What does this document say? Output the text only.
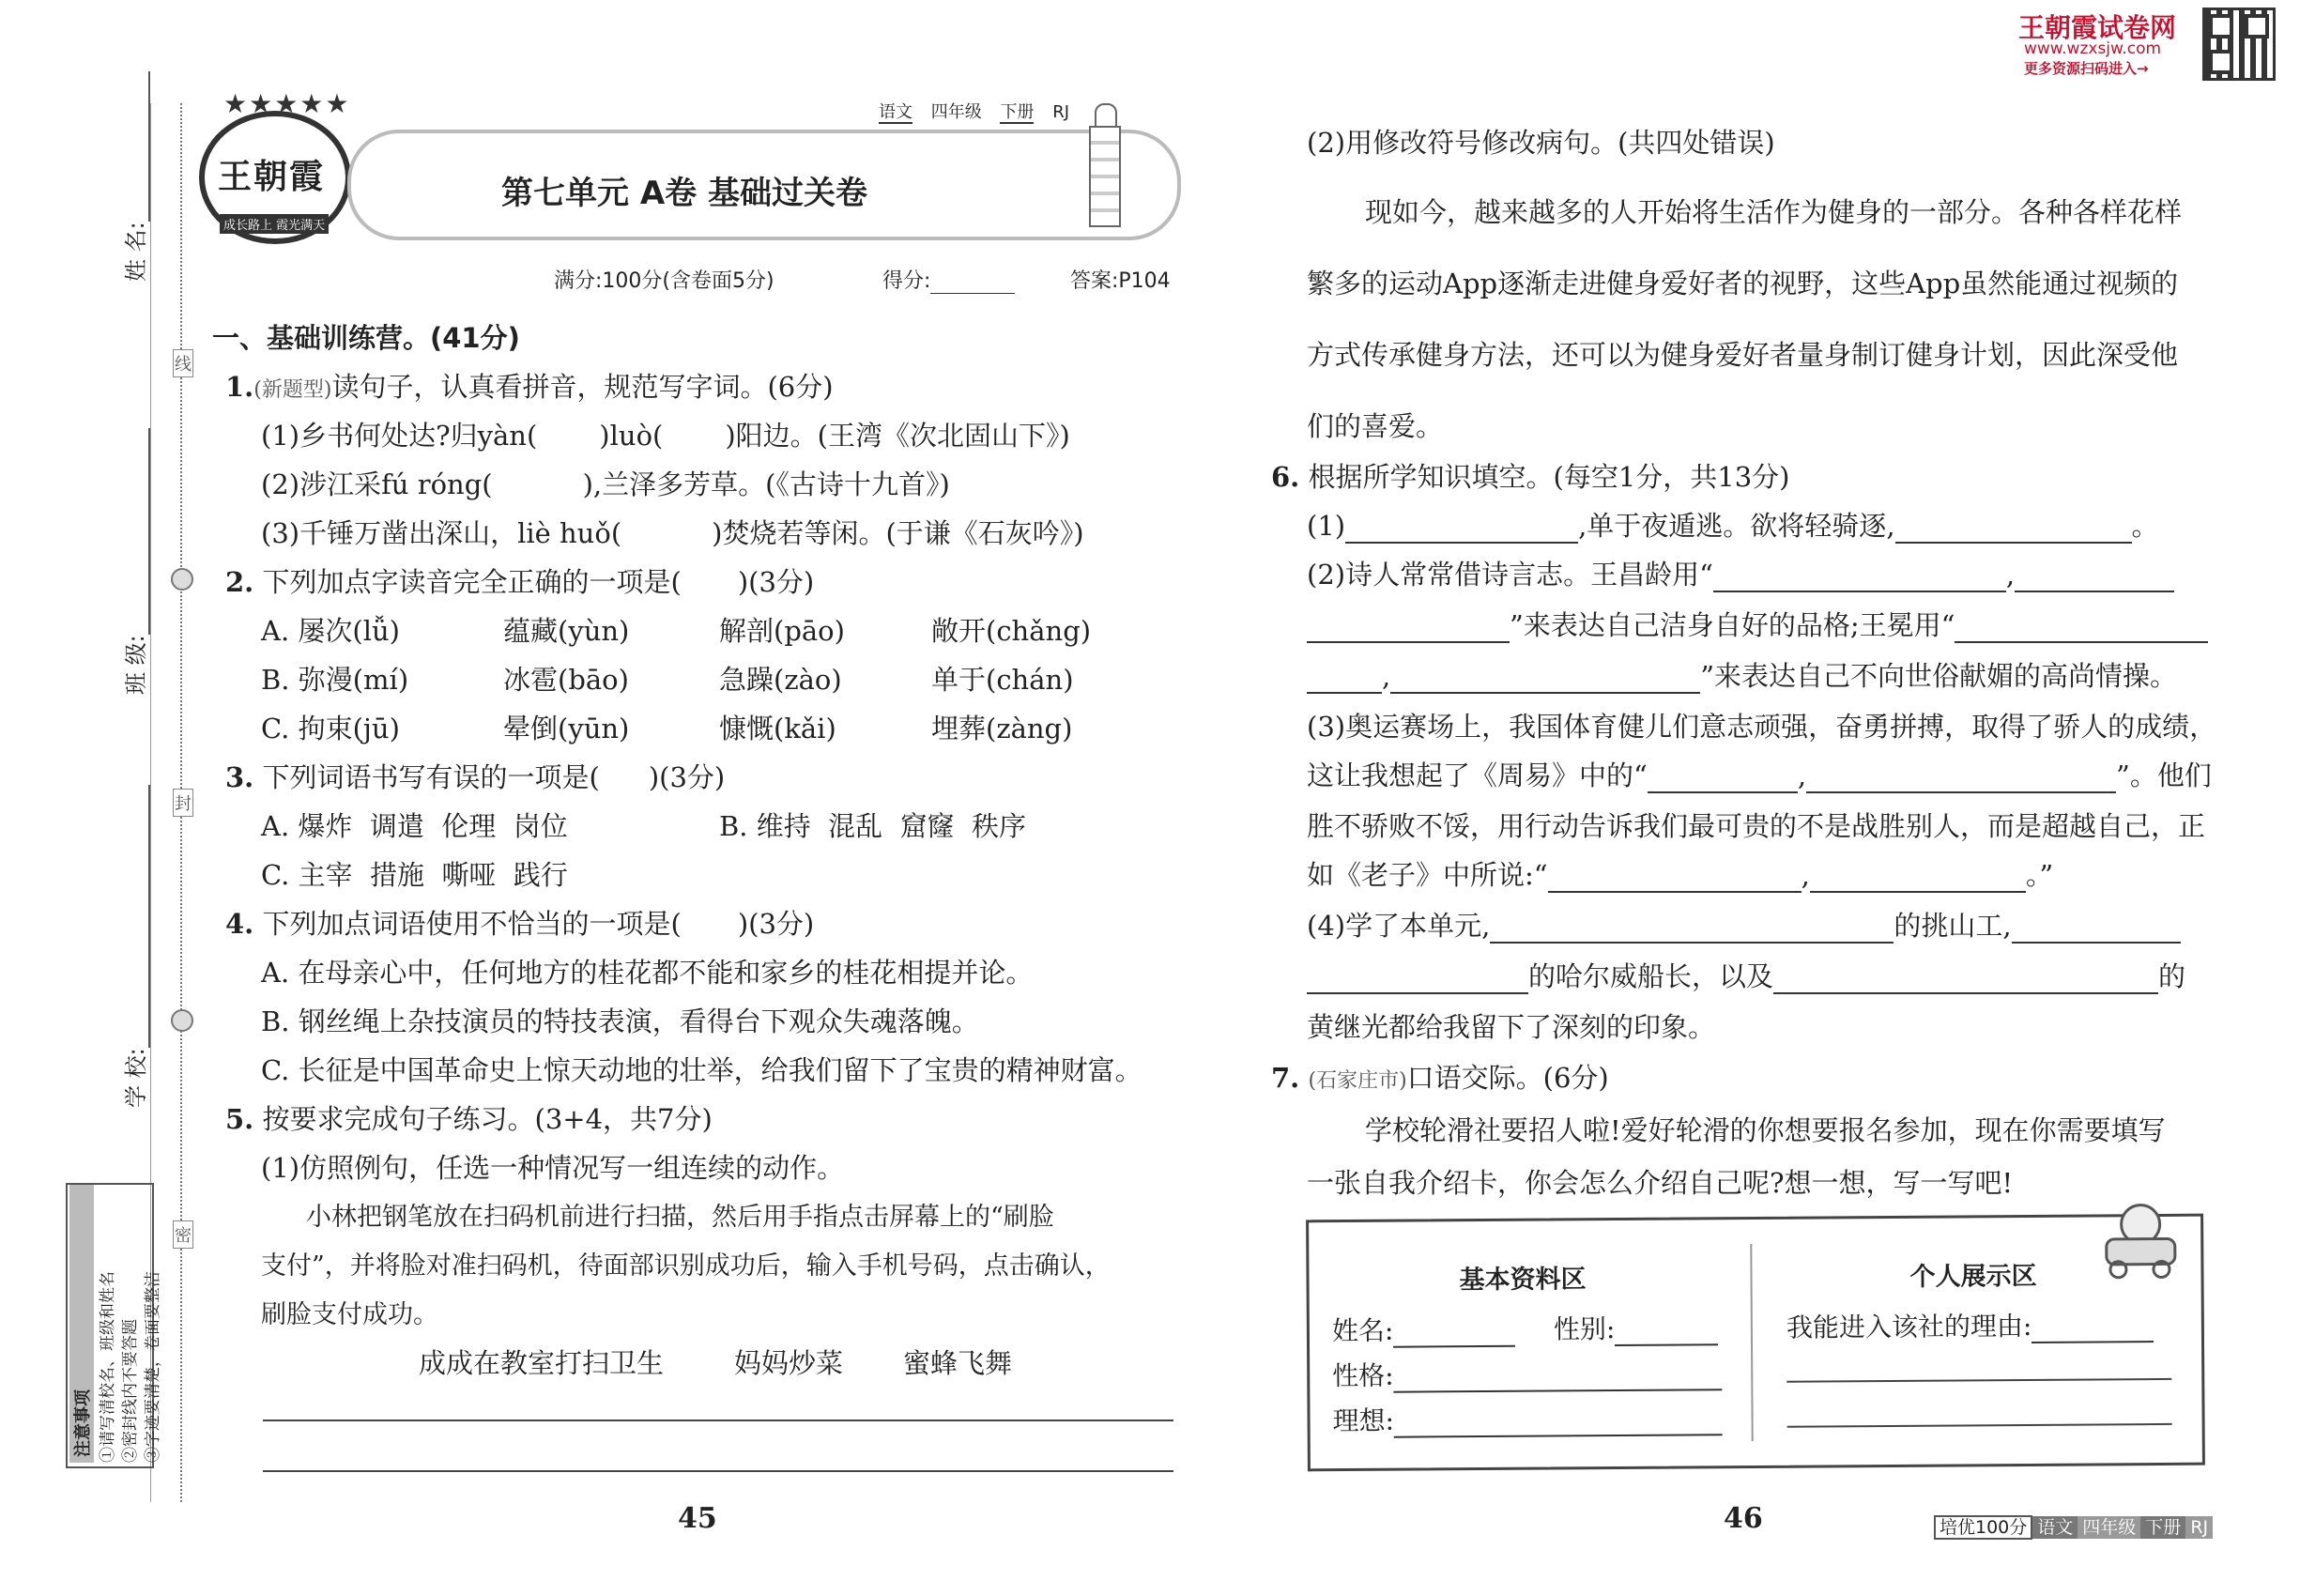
姓 名:
班 级:
学 校:
线
封
密
注意事项 ①请写清校名、班级和姓名 ②密封线内不要答题 ③字迹要清楚，卷面要整洁
★★★★★
王朝霞
成长路上 霞光满天
第七单元 A卷 基础过关卷
语文 四年级 下册 RJ
满分:100分(含卷面5分)	得分:	答案:P104
一、基础训练营。(41分)
1.(新题型)读句子，认真看拼音，规范写字词。(6分)
(1)乡书何处达?归yàn( )luò( )阳边。(王湾《次北固山下》)
(2)涉江采fú róng(	),兰泽多芳草。(《古诗十九首》)
(3)千锤万凿出深山，liè huǒ(	)焚烧若等闲。(于谦《石灰吟》)
2. 下列加点字读音完全正确的一项是( )(3分)
A. 屡次(lǚ)	蕴藏(yùn)	解剖(pāo)	敞开(chǎng)
B. 弥漫(mí)	冰雹(bāo)	急躁(zào)	单于(chán)
C. 拘束(jū)	晕倒(yūn)	慷慨(kǎi)	埋葬(zàng)
3. 下列词语书写有误的一项是( )(3分)
A. 爆炸  调遣  伦理  岗位	B. 维持  混乱  窟窿  秩序
C. 主宰  措施  嘶哑  践行
4. 下列加点词语使用不恰当的一项是( )(3分)
A. 在母亲心中，任何地方的桂花都不能和家乡的桂花相提并论。
B. 钢丝绳上杂技演员的特技表演，看得台下观众失魂落魄。
C. 长征是中国革命史上惊天动地的壮举，给我们留下了宝贵的精神财富。
5. 按要求完成句子练习。(3+4，共7分)
(1)仿照例句，任选一种情况写一组连续的动作。
小林把钢笔放在扫码机前进行扫描，然后用手指点击屏幕上的“刷脸
支付”，并将脸对准扫码机，待面部识别成功后，输入手机号码，点击确认，
刷脸支付成功。
成成在教室打扫卫生	妈妈炒菜 蜜蜂飞舞
45
王朝霞试卷网
www.wzxsjw.com
更多资源扫码进入→
(2)用修改符号修改病句。(共四处错误)
现如今，越来越多的人开始将生活作为健身的一部分。各种各样花样
繁多的运动App逐渐走进健身爱好者的视野，这些App虽然能通过视频的
方式传承健身方法，还可以为健身爱好者量身制订健身计划，因此深受他
们的喜爱。
6. 根据所学知识填空。(每空1分，共13分)
(1)	,单于夜遁逃。欲将轻骑逐,	。
(2)诗人常常借诗言志。王昌龄用“	,
”来表达自己洁身自好的品格;王冕用“
,	”来表达自己不向世俗献媚的高尚情操。
(3)奥运赛场上，我国体育健儿们意志顽强，奋勇拼搏，取得了骄人的成绩，
这让我想起了《周易》中的“	,	”。他们
胜不骄败不馁，用行动告诉我们最可贵的不是战胜别人，而是超越自己，正
如《老子》中所说:“	,	。”
(4)学了本单元,	的挑山工,
的哈尔威船长，以及	的
黄继光都给我留下了深刻的印象。
7. (石家庄市)口语交际。(6分)
学校轮滑社要招人啦!爱好轮滑的你想要报名参加，现在你需要填写
一张自我介绍卡，你会怎么介绍自己呢?想一想，写一写吧!
基本资料区
姓名:	性别:
性格:
理想:
个人展示区
我能进入该社的理由:
46	培优100分 语文 四年级 下册 RJ
